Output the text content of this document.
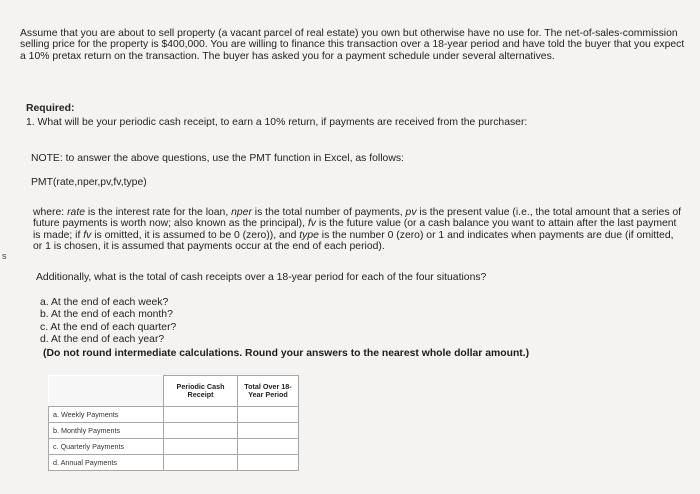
Assume that you are about to sell property (a vacant parcel of real estate) you own but otherwise have no use for. The net-of-sales-commission selling price for the property is $400,000. You are willing to finance this transaction over a 18-year period and have told the buyer that you expect a 10% pretax return on the transaction. The buyer has asked you for a payment schedule under several alternatives.

Required:

1. What will be your periodic cash receipt, to earn a 10% return, if payments are received from the purchaser:

NOTE: to answer the above questions, use the PMT function in Excel, as follows:

PMT(rate,nper,pv,fv,type)

where: rate is the interest rate for the loan, nper is the total number of payments, pv is the present value (i.e., the total amount that a series of future payments is worth now; also known as the principal), fv is the future value (or a cash balance you want to attain after the last payment is made; if fv is omitted, it is assumed to be 0 (zero)), and type is the number 0 (zero) or 1 and indicates when payments are due (if omitted, or 1 is chosen, it is assumed that payments occur at the end of each period).

s

Additionally, what is the total of cash receipts over a 18-year period for each of the four situations?

a. At the end of each week?

b. At the end of each month?

c. At the end of each quarter?

d. At the end of each year?

(Do not round intermediate calculations. Round your answers to the nearest whole dollar amount.)

	Periodic Cash Receipt	Total Over 18-Year Period
a. Weekly Payments	

b. Monthly Payments	

c. Quarterly Payments	

d. Annual Payments	
